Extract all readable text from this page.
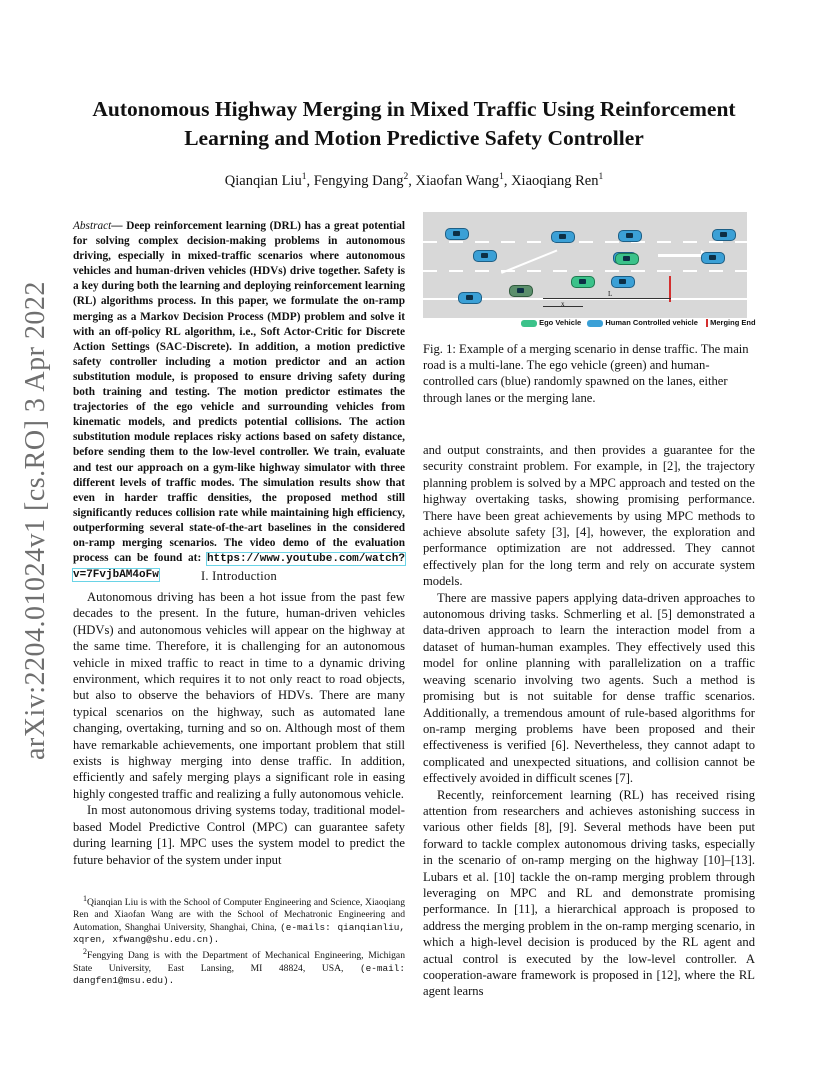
arXiv:2204.01024v1 [cs.RO] 3 Apr 2022
Autonomous Highway Merging in Mixed Traffic Using Reinforcement Learning and Motion Predictive Safety Controller
Qianqian Liu$^1$, Fengying Dang$^2$, Xiaofan Wang$^1$, Xiaoqiang Ren$^1$
Abstract— Deep reinforcement learning (DRL) has a great potential for solving complex decision-making problems in autonomous driving, especially in mixed-traffic scenarios where autonomous vehicles and human-driven vehicles (HDVs) drive together. Safety is a key during both the learning and deploying reinforcement learning (RL) algorithms process. In this paper, we formulate the on-ramp merging as a Markov Decision Process (MDP) problem and solve it with an off-policy RL algorithm, i.e., Soft Actor-Critic for Discrete Action Settings (SAC-Discrete). In addition, a motion predictive safety controller including a motion predictor and an action substitution module, is proposed to ensure driving safety during both training and testing. The motion predictor estimates the trajectories of the ego vehicle and surrounding vehicles from kinematic models, and predicts potential collisions. The action substitution module replaces risky actions based on safety distance, before sending them to the low-level controller. We train, evaluate and test our approach on a gym-like highway simulator with three different levels of traffic modes. The simulation results show that even in harder traffic densities, the proposed method still significantly reduces collision rate while maintaining high efficiency, outperforming several state-of-the-art baselines in the considered on-ramp merging scenarios. The video demo of the evaluation process can be found at: https://www.youtube.com/watch?v=7FvjbAM4oFw	I. Introduction

Autonomous driving has been a hot issue from the past few decades to the present. In the future, human-driven vehicles (HDVs) and autonomous vehicles will appear on the highway at the same time. Therefore, it is challenging for an autonomous vehicle in mixed traffic to react in time to a dynamic driving environment, which requires it to not only react to road objects, but also to observe the behaviors of HDVs. There are many typical scenarios on the highway, such as automated lane changing, overtaking, turning and so on. Although most of them have remarkable achievements, one important problem that still exists is highway merging into dense traffic. In addition, efficiently and safely merging plays a significant role in easing highly congested traffic and realizing a fully autonomous vehicle.

In most autonomous driving systems today, traditional model-based Model Predictive Control (MPC) can guarantee safety during learning [1]. MPC uses the system model to predict the future behavior of the system under input

$^1$Qianqian Liu is with the School of Computer Engineering and Science, Xiaoqiang Ren and Xiaofan Wang are with the School of Mechatronic Engineering and Automation, Shanghai University, Shanghai, China, (e-mails: qianqianliu, xqren, xfwang@shu.edu.cn).

$^2$Fengying Dang is with the Department of Mechanical Engineering, Michigan State University, East Lansing, MI 48824, USA, (e-mail: dangfen1@msu.edu).

x
L
Ego Vehicle	Human Controlled vehicle Merging End
Fig. 1: Example of a merging scenario in dense traffic. The main road is a multi-lane. The ego vehicle (green) and human-controlled cars (blue) randomly spawned on the lanes, either through lanes or the merging lane.

and output constraints, and then provides a guarantee for the security constraint problem. For example, in [2], the trajectory planning problem is solved by a MPC approach and tested on the highway overtaking tasks, showing promising performance. There have been great achievements by using MPC methods to achieve absolute safety [3], [4], however, the exploration and performance optimization are not addressed. They cannot effectively plan for the long term and rely on accurate system models.

There are massive papers applying data-driven approaches to autonomous driving tasks. Schmerling et al. [5] demonstrated a data-driven approach to learn the interaction model from a dataset of human-human examples. They effectively used this model for online planning with parallelization on a traffic weaving scenario involving two agents. Such a method is promising but is not suitable for dense traffic scenarios. Additionally, a tremendous amount of rule-based algorithms for on-ramp merging problems have been proposed and their effectiveness is verified [6]. Nevertheless, they cannot adapt to complicated and unexpected situations, and collision cannot be effectively avoided in difficult scenes [7].

Recently, reinforcement learning (RL) has received rising attention from researchers and achieves astonishing success in various other fields [8], [9]. Several methods have been put forward to tackle complex autonomous driving tasks, especially in the scenario of on-ramp merging on the highway [10]–[13]. Lubars et al. [10] tackle the on-ramp merging problem through leveraging on MPC and RL and demonstrate promising performance. In [11], a hierarchical approach is proposed to address the merging problem in the on-ramp merging scenario, in which a high-level decision is produced by the RL agent and actual control is executed by the low-level controller. A cooperation-aware framework is proposed in [12], where the RL agent learns
